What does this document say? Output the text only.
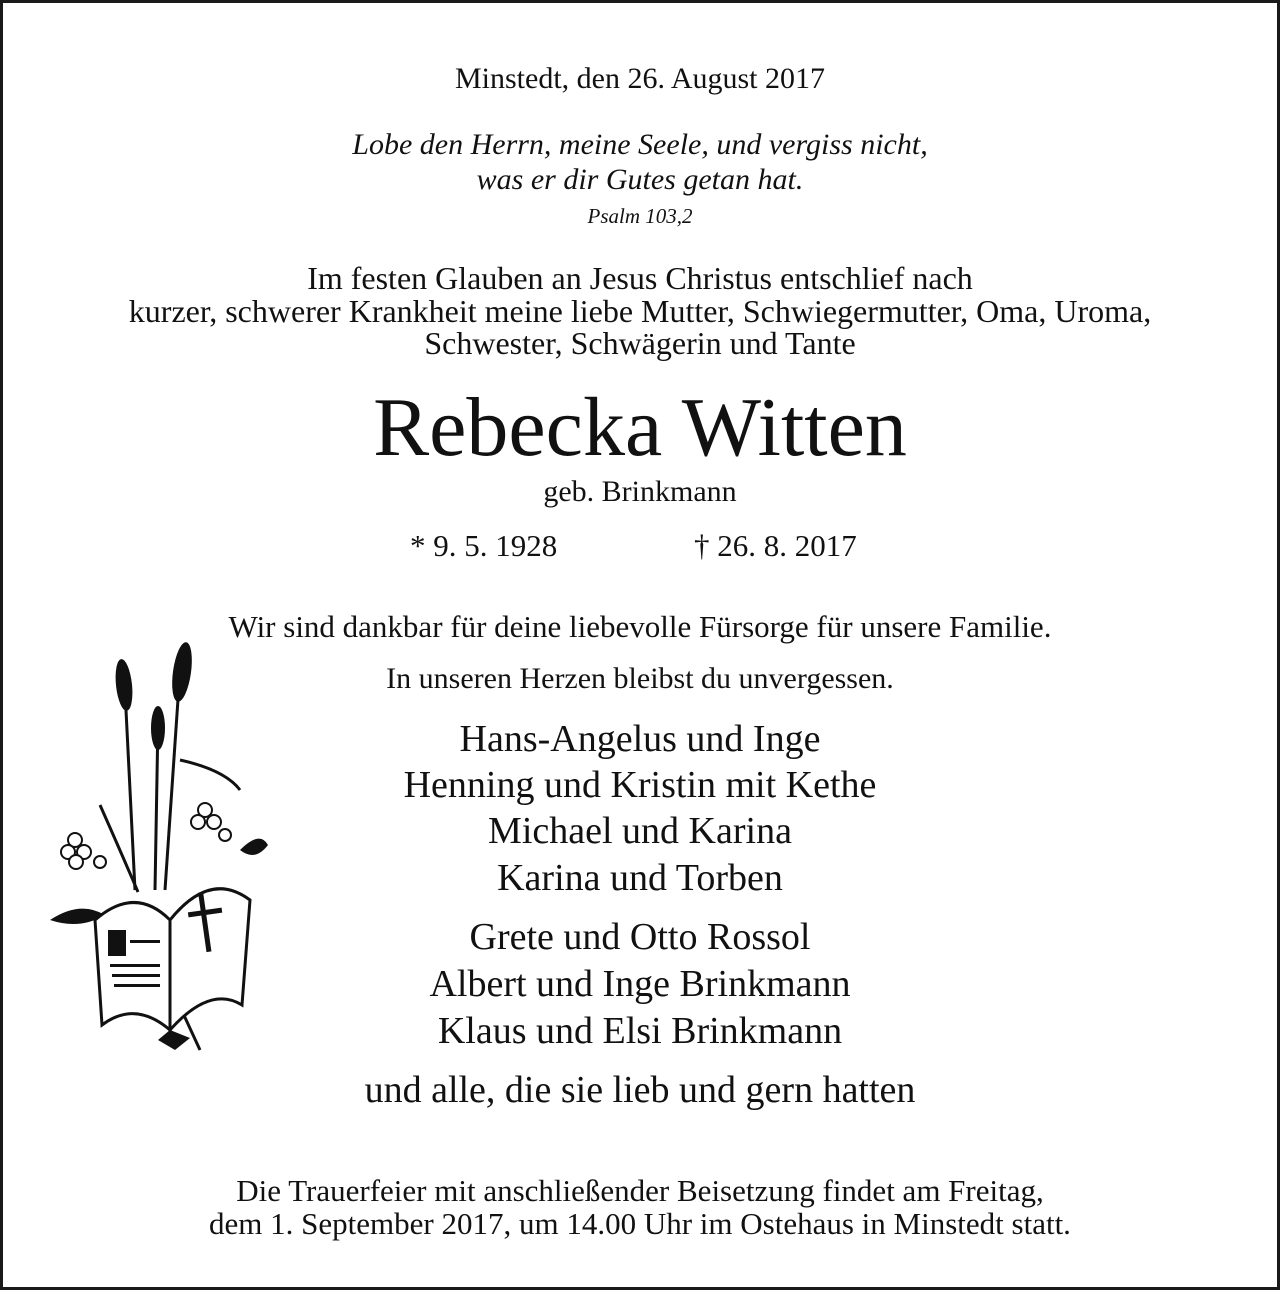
Minstedt, den 26. August 2017
Lobe den Herrn, meine Seele, und vergiss nicht,
was er dir Gutes getan hat.
Psalm 103,2
Im festen Glauben an Jesus Christus entschlief nach
kurzer, schwerer Krankheit meine liebe Mutter, Schwiegermutter, Oma, Uroma,
Schwester, Schwägerin und Tante
Rebecka Witten
geb. Brinkmann
* 9. 5. 1928	† 26. 8. 2017
Wir sind dankbar für deine liebevolle Fürsorge für unsere Familie.
In unseren Herzen bleibst du unvergessen.
Hans-Angelus und Inge
Henning und Kristin mit Kethe
Michael und Karina
Karina und Torben
Grete und Otto Rossol
Albert und Inge Brinkmann
Klaus und Elsi Brinkmann
und alle, die sie lieb und gern hatten
Die Trauerfeier mit anschließender Beisetzung findet am Freitag,
dem 1. September 2017, um 14.00 Uhr im Ostehaus in Minstedt statt.
